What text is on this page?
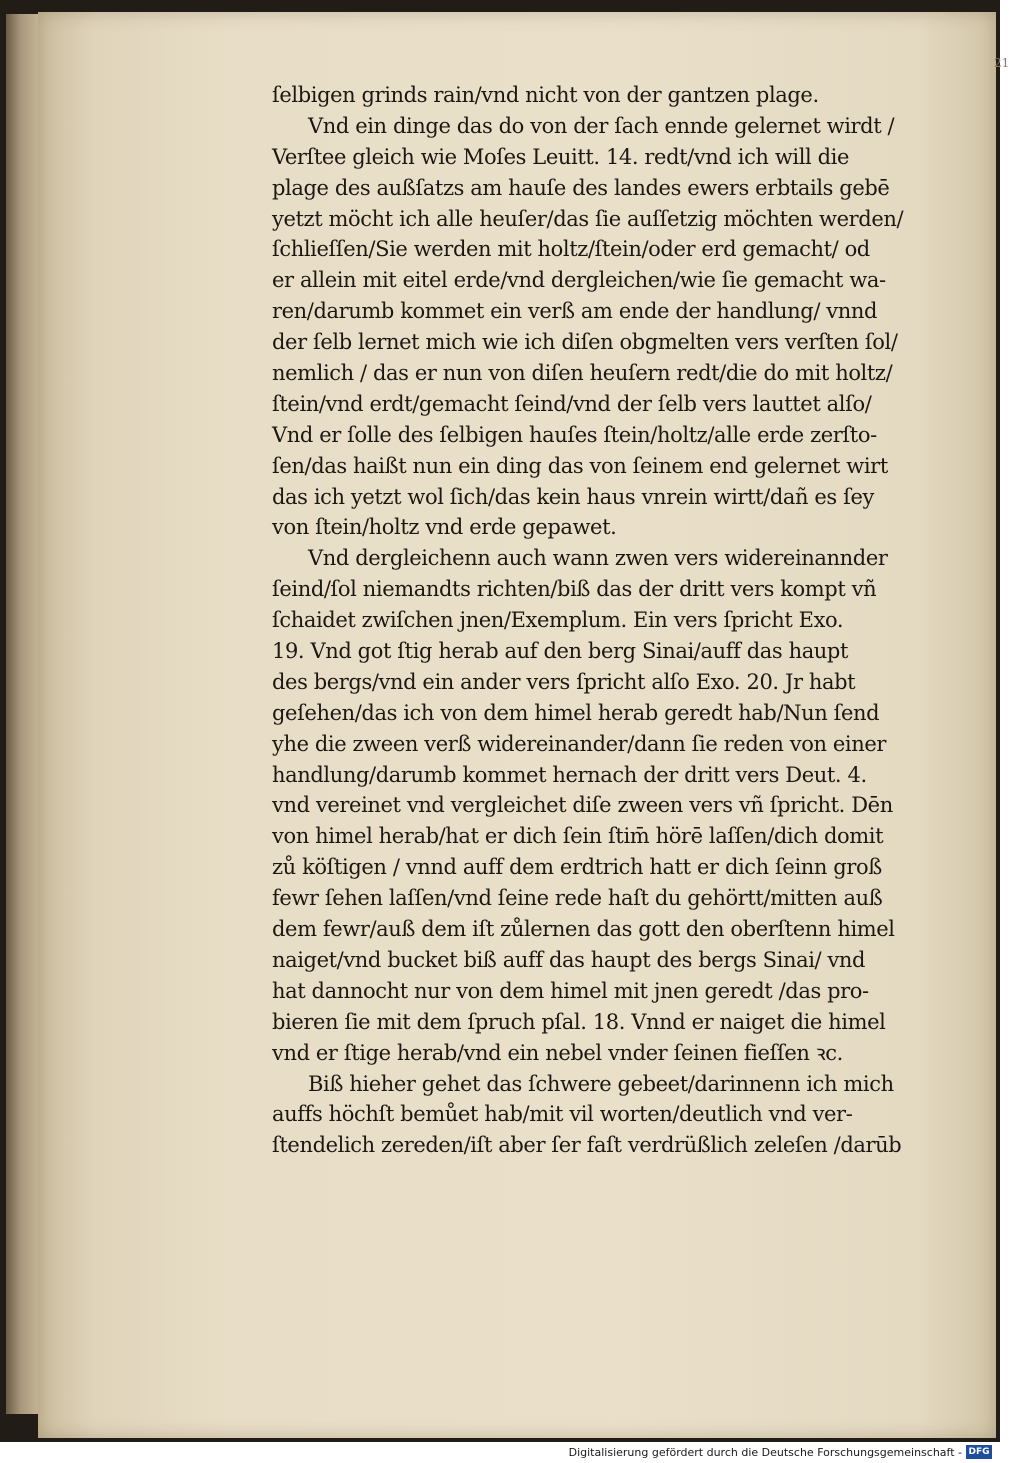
21
ſelbigen grinds rain/vnd nicht von der gantzen plage.
Vnd ein dinge das do von der ſach ennde gelernet wirdt /
Verſtee gleich wie Moſes Leuitt. 14. redt/vnd ich will die
plage des außſatzs am hauſe des landes ewers erbtails gebē
yetzt möcht ich alle heuſer/das ſie auſſetzig möchten werden/
ſchlieſſen/Sie werden mit holtz/ſtein/oder erd gemacht/ od
er allein mit eitel erde/vnd dergleichen/wie ſie gemacht wa-
ren/darumb kommet ein verß am ende der handlung/ vnnd
der ſelb lernet mich wie ich diſen obgmelten vers verſten ſol/
nemlich / das er nun von diſen heuſern redt/die do mit holtz/
ſtein/vnd erdt/gemacht ſeind/vnd der ſelb vers lauttet alſo/
Vnd er ſolle des ſelbigen hauſes ſtein/holtz/alle erde zerſto-
ſen/das haißt nun ein ding das von ſeinem end gelernet wirt
das ich yetzt wol ſich/das kein haus vnrein wirtt/dañ es ſey
von ſtein/holtz vnd erde gepawet.
Vnd dergleichenn auch wann zwen vers widereinannder
ſeind/ſol niemandts richten/biß das der dritt vers kompt vñ
ſchaidet zwiſchen jnen/Exemplum. Ein vers ſpricht Exo.
19. Vnd got ſtig herab auf den berg Sinai/auff das haupt
des bergs/vnd ein ander vers ſpricht alſo Exo. 20. Jr habt
geſehen/das ich von dem himel herab geredt hab/Nun ſend
yhe die zween verß widereinander/dann ſie reden von einer
handlung/darumb kommet hernach der dritt vers Deut. 4.
vnd vereinet vnd vergleichet diſe zween vers vñ ſpricht. Dēn
von himel herab/hat er dich ſein ſtim̄ hörē laſſen/dich domit
zů köſtigen / vnnd auff dem erdtrich hatt er dich ſeinn groß
fewr ſehen laſſen/vnd ſeine rede haſt du gehörtt/mitten auß
dem fewr/auß dem iſt zůlernen das gott den oberſtenn himel
naiget/vnd bucket biß auff das haupt des bergs Sinai/ vnd
hat dannocht nur von dem himel mit jnen geredt /das pro-
bieren ſie mit dem ſpruch pſal. 18. Vnnd er naiget die himel
vnd er ſtige herab/vnd ein nebel vnder ſeinen fieſſen ꝛc.
Biß hieher gehet das ſchwere gebeet/darinnenn ich mich
auffs höchſt bemůet hab/mit vil worten/deutlich vnd ver-
ſtendelich zereden/iſt aber ſer faſt verdrüßlich zeleſen /darūb
Digitalisierung gefördert durch die Deutsche Forschungsgemeinschaft - DFG
